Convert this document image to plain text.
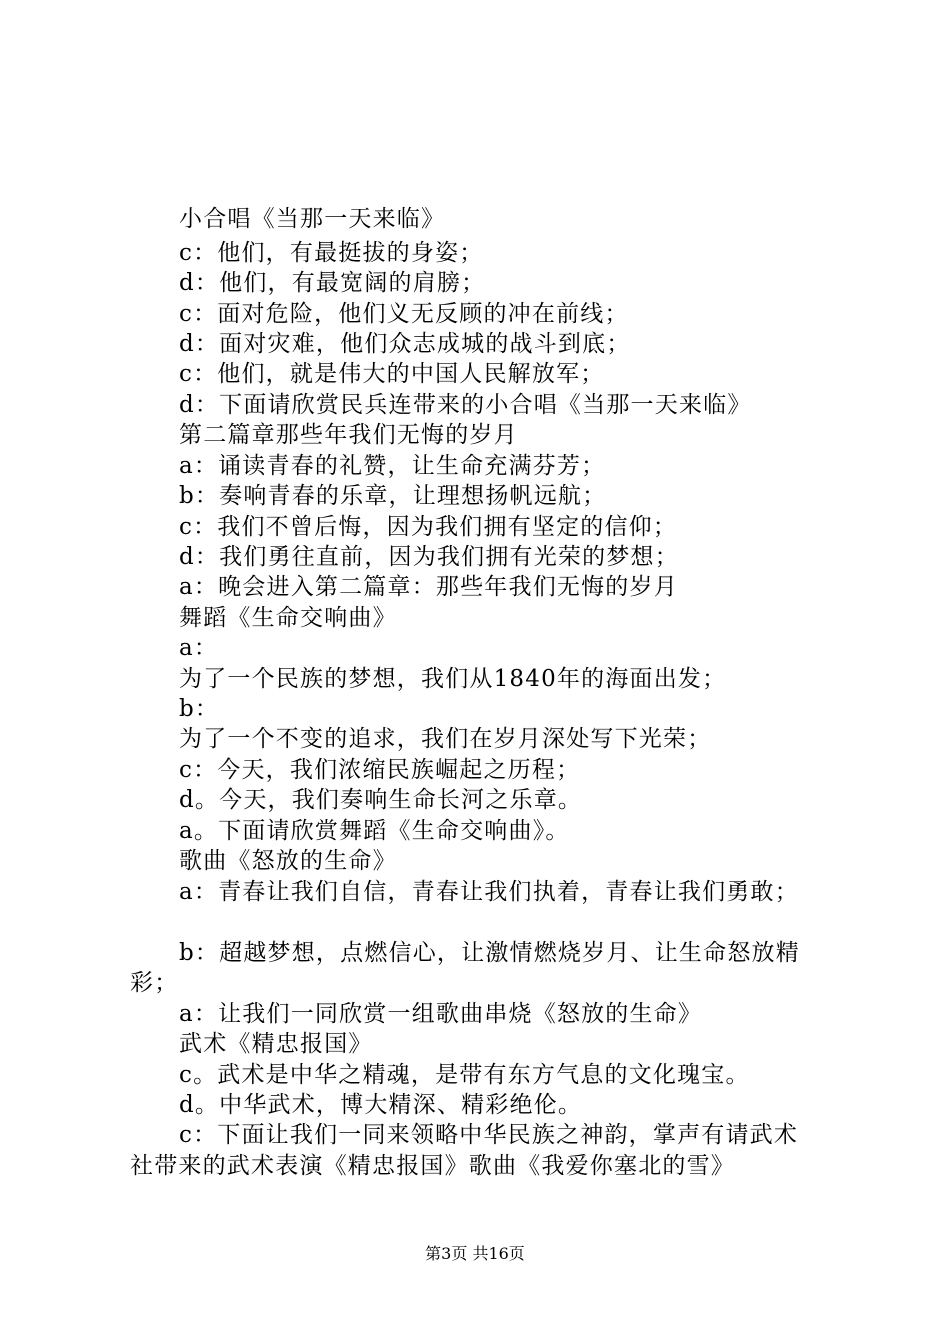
小合唱《当那一天来临》
c：他们，有最挺拔的身姿；
d：他们，有最宽阔的肩膀；
c：面对危险，他们义无反顾的冲在前线；
d：面对灾难，他们众志成城的战斗到底；
c：他们，就是伟大的中国人民解放军；
d：下面请欣赏民兵连带来的小合唱《当那一天来临》
第二篇章那些年我们无悔的岁月
a：诵读青春的礼赞，让生命充满芬芳；
b：奏响青春的乐章，让理想扬帆远航；
c：我们不曾后悔，因为我们拥有坚定的信仰；
d：我们勇往直前，因为我们拥有光荣的梦想；
a：晚会进入第二篇章：那些年我们无悔的岁月
舞蹈《生命交响曲》
a：
为了一个民族的梦想，我们从1840年的海面出发；
b：
为了一个不变的追求，我们在岁月深处写下光荣；
c：今天，我们浓缩民族崛起之历程；
d。今天，我们奏响生命长河之乐章。
a。下面请欣赏舞蹈《生命交响曲》。
歌曲《怒放的生命》
a：青春让我们自信，青春让我们执着，青春让我们勇敢；
b：超越梦想，点燃信心，让激情燃烧岁月、让生命怒放精
彩；
a：让我们一同欣赏一组歌曲串烧《怒放的生命》
武术《精忠报国》
c。武术是中华之精魂，是带有东方气息的文化瑰宝。
d。中华武术，博大精深、精彩绝伦。
c：下面让我们一同来领略中华民族之神韵，掌声有请武术
社带来的武术表演《精忠报国》歌曲《我爱你塞北的雪》
第3页 共16页
